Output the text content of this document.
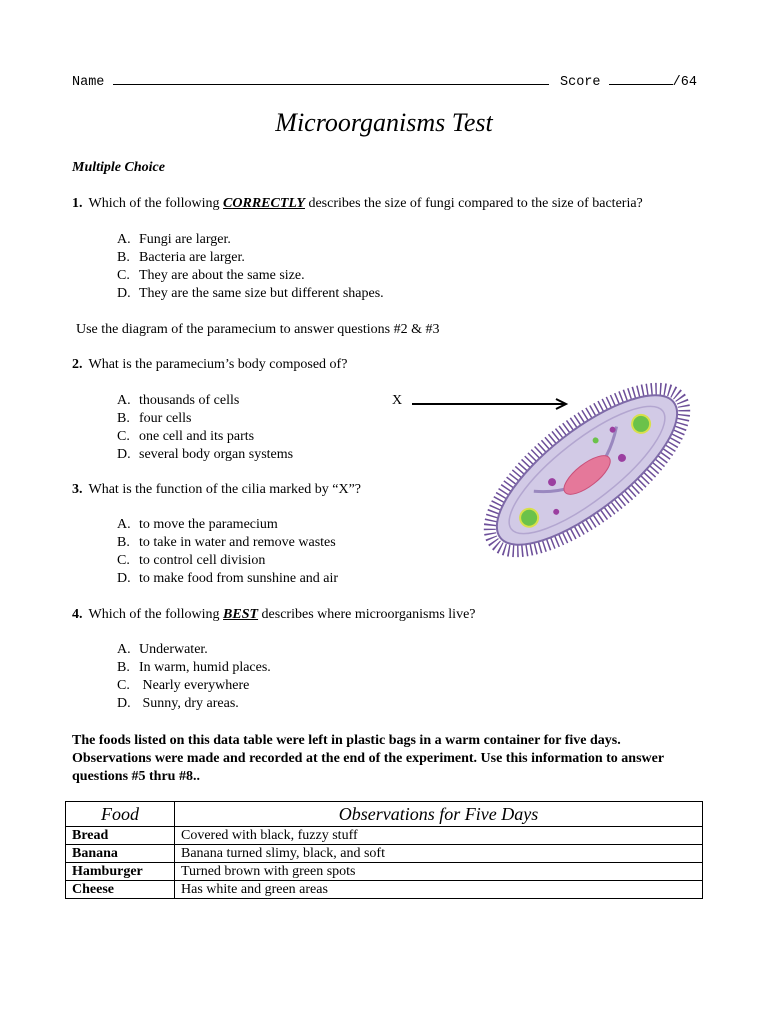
Name	Score	/64
Microorganisms Test
Multiple Choice
1. Which of the following CORRECTLY describes the size of fungi compared to the size of bacteria?
A. Fungi are larger.
B. Bacteria are larger.
C. They are about the same size.
D. They are the same size but different shapes.
Use the diagram of the paramecium to answer questions #2 & #3
2. What is the paramecium’s body composed of?
A. thousands of cells
B. four cells
C. one cell and its parts
D. several body organ systems
3. What is the function of the cilia marked by “X”?
A. to move the paramecium
B. to take in water and remove wastes
C. to control cell division
D. to make food from sunshine and air
4. Which of the following BEST describes where microorganisms live?
A. Underwater.
B. In warm, humid places.
C. Nearly everywhere
D. Sunny, dry areas.
X
The foods listed on this data table were left in plastic bags in a warm container for five days. Observations were made and recorded at the end of the experiment. Use this information to answer questions #5 thru #8..
Food	Observations for Five Days
Bread	Covered with black, fuzzy stuff
Banana	Banana turned slimy, black, and soft
Hamburger	Turned brown with green spots
Cheese	Has white and green areas
